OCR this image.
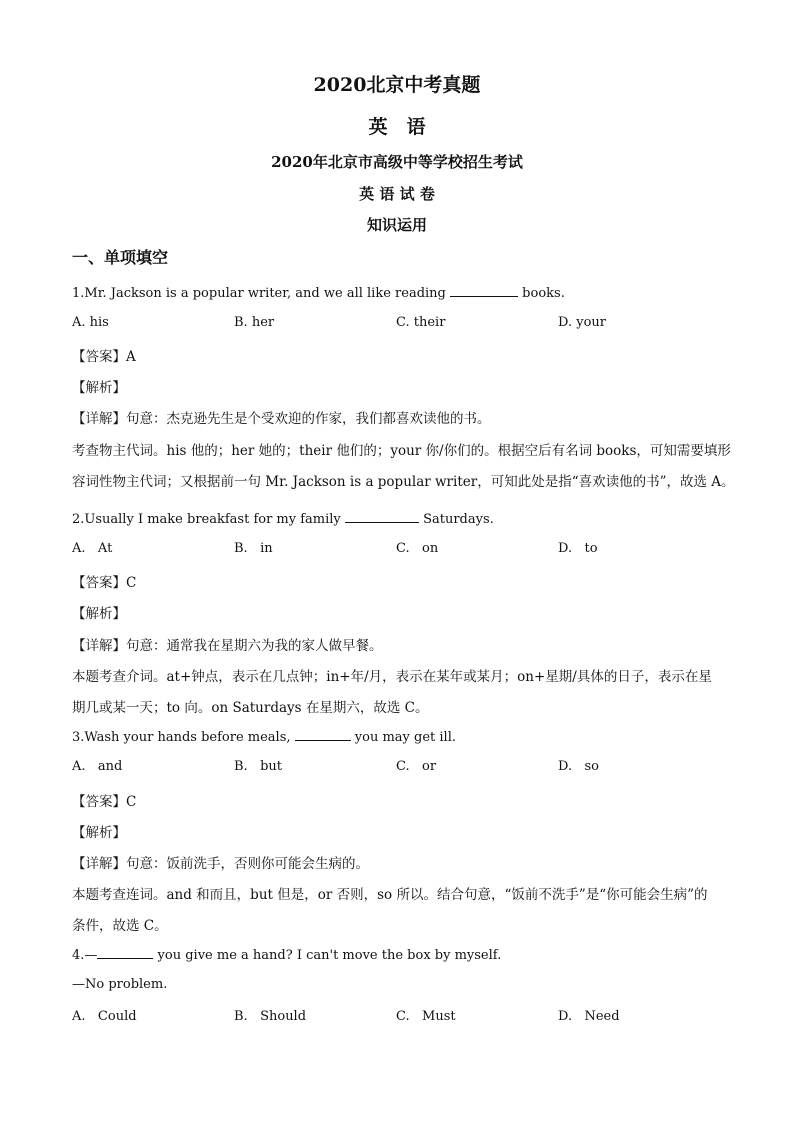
2020北京中考真题
英　语
2020年北京市高级中等学校招生考试
英 语 试 卷
知识运用
一、单项填空
1.Mr. Jackson is a popular writer, and we all like reading	books.
A. his	B. her	C. their	D. your
【答案】A
【解析】
【详解】句意：杰克逊先生是个受欢迎的作家，我们都喜欢读他的书。
考查物主代词。his 他的；her 她的；their 他们的；your 你/你们的。根据空后有名词 books，可知需要填形
容词性物主代词；又根据前一句 Mr. Jackson is a popular writer，可知此处是指“喜欢读他的书”，故选 A。
2.Usually I make breakfast for my family	Saturdays.
A.   At	B.   in	C.   on	D.   to
【答案】C
【解析】
【详解】句意：通常我在星期六为我的家人做早餐。
本题考查介词。at+钟点，表示在几点钟；in+年/月，表示在某年或某月；on+星期/具体的日子，表示在星
期几或某一天；to 向。on Saturdays 在星期六，故选 C。
3.Wash your hands before meals,	you may get ill.
A.   and	B.   but	C.   or	D.   so
【答案】C
【解析】
【详解】句意：饭前洗手，否则你可能会生病的。
本题考查连词。and 和而且，but 但是，or 否则，so 所以。结合句意，“饭前不洗手”是“你可能会生病”的
条件，故选 C。
4.—	you give me a hand? I can't move the box by myself.
—No problem.
A.   Could	B.   Should	C.   Must	D.   Need
